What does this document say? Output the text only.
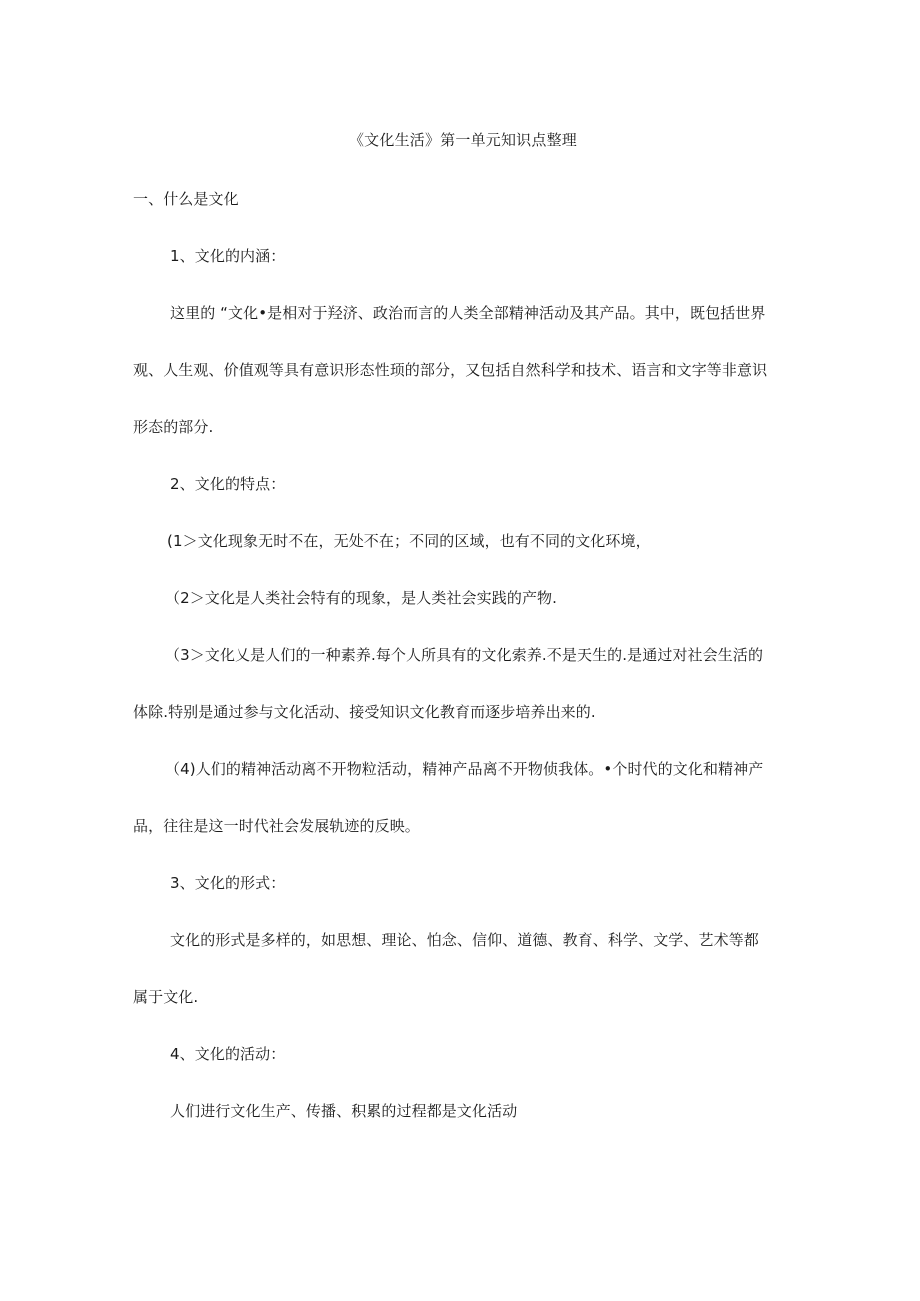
《文化生活》第一单元知识点整理
一、什么是文化
1、文化的内涵：
这里的 “文化•是相对于羟济、政治而言的人类全部精神活动及其产品。其中，既包括世界
观、人生观、价值观等具有意识形态性顼的部分，又包括自然科学和技术、语言和文字等非意识
形态的部分.
2、文化的特点：
(1＞文化现象无时不在，无处不在；不同的区域，也有不同的文化环境，
（2＞文化是人类社会特有的现象，是人类社会实践的产物.
（3＞文化乂是人们的一种素养.每个人所具有的文化索养.不是天生的.是通过对社会生活的
体除.特别是通过参与文化活动、接受知识文化教育而逐步培养出来的.
（4)人们的精神活动离不开物粒活动，精神产品离不开物侦我体。•个时代的文化和精神产
品，往往是这一时代社会发展轨迹的反映。
3、文化的形式：
文化的形式是多样的，如思想、理论、怕念、信仰、道德、教育、科学、文学、艺术等都
属于文化.
4、文化的活动：
人们进行文化生产、传播、积累的过程都是文化活动
